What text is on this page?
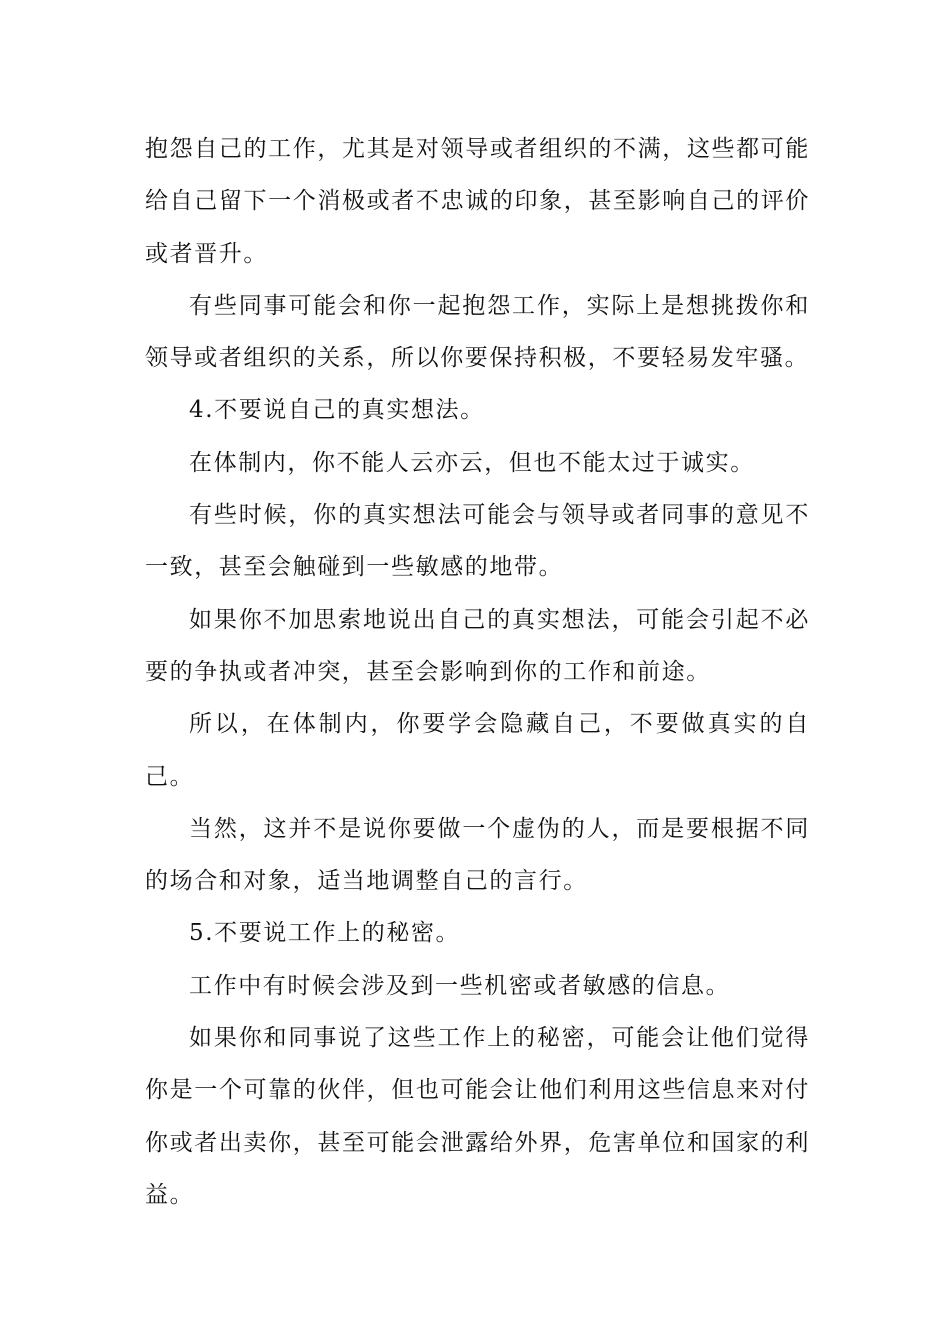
抱怨自己的工作，尤其是对领导或者组织的不满，这些都可能给自己留下一个消极或者不忠诚的印象，甚至影响自己的评价或者晋升。

有些同事可能会和你一起抱怨工作，实际上是想挑拨你和领导或者组织的关系，所以你要保持积极，不要轻易发牢骚。

4.不要说自己的真实想法。

在体制内，你不能人云亦云，但也不能太过于诚实。

有些时候，你的真实想法可能会与领导或者同事的意见不一致，甚至会触碰到一些敏感的地带。

如果你不加思索地说出自己的真实想法，可能会引起不必要的争执或者冲突，甚至会影响到你的工作和前途。

所以，在体制内，你要学会隐藏自己，不要做真实的自己。

当然，这并不是说你要做一个虚伪的人，而是要根据不同的场合和对象，适当地调整自己的言行。

5.不要说工作上的秘密。

工作中有时候会涉及到一些机密或者敏感的信息。

如果你和同事说了这些工作上的秘密，可能会让他们觉得你是一个可靠的伙伴，但也可能会让他们利用这些信息来对付你或者出卖你，甚至可能会泄露给外界，危害单位和国家的利益。
